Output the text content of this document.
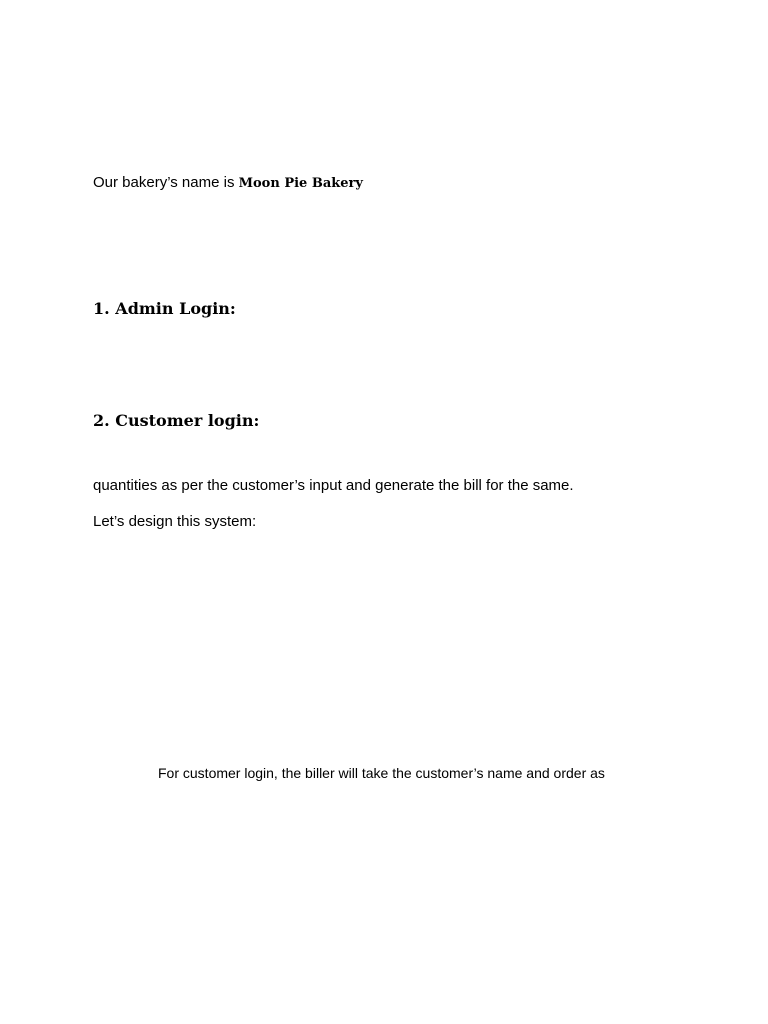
Our bakery’s name is Moon Pie Bakery
1. Admin Login:
2. Customer login:
quantities as per the customer’s input and generate the bill for the same.
Let’s design this system:
For customer login, the biller will take the customer’s name and order as
